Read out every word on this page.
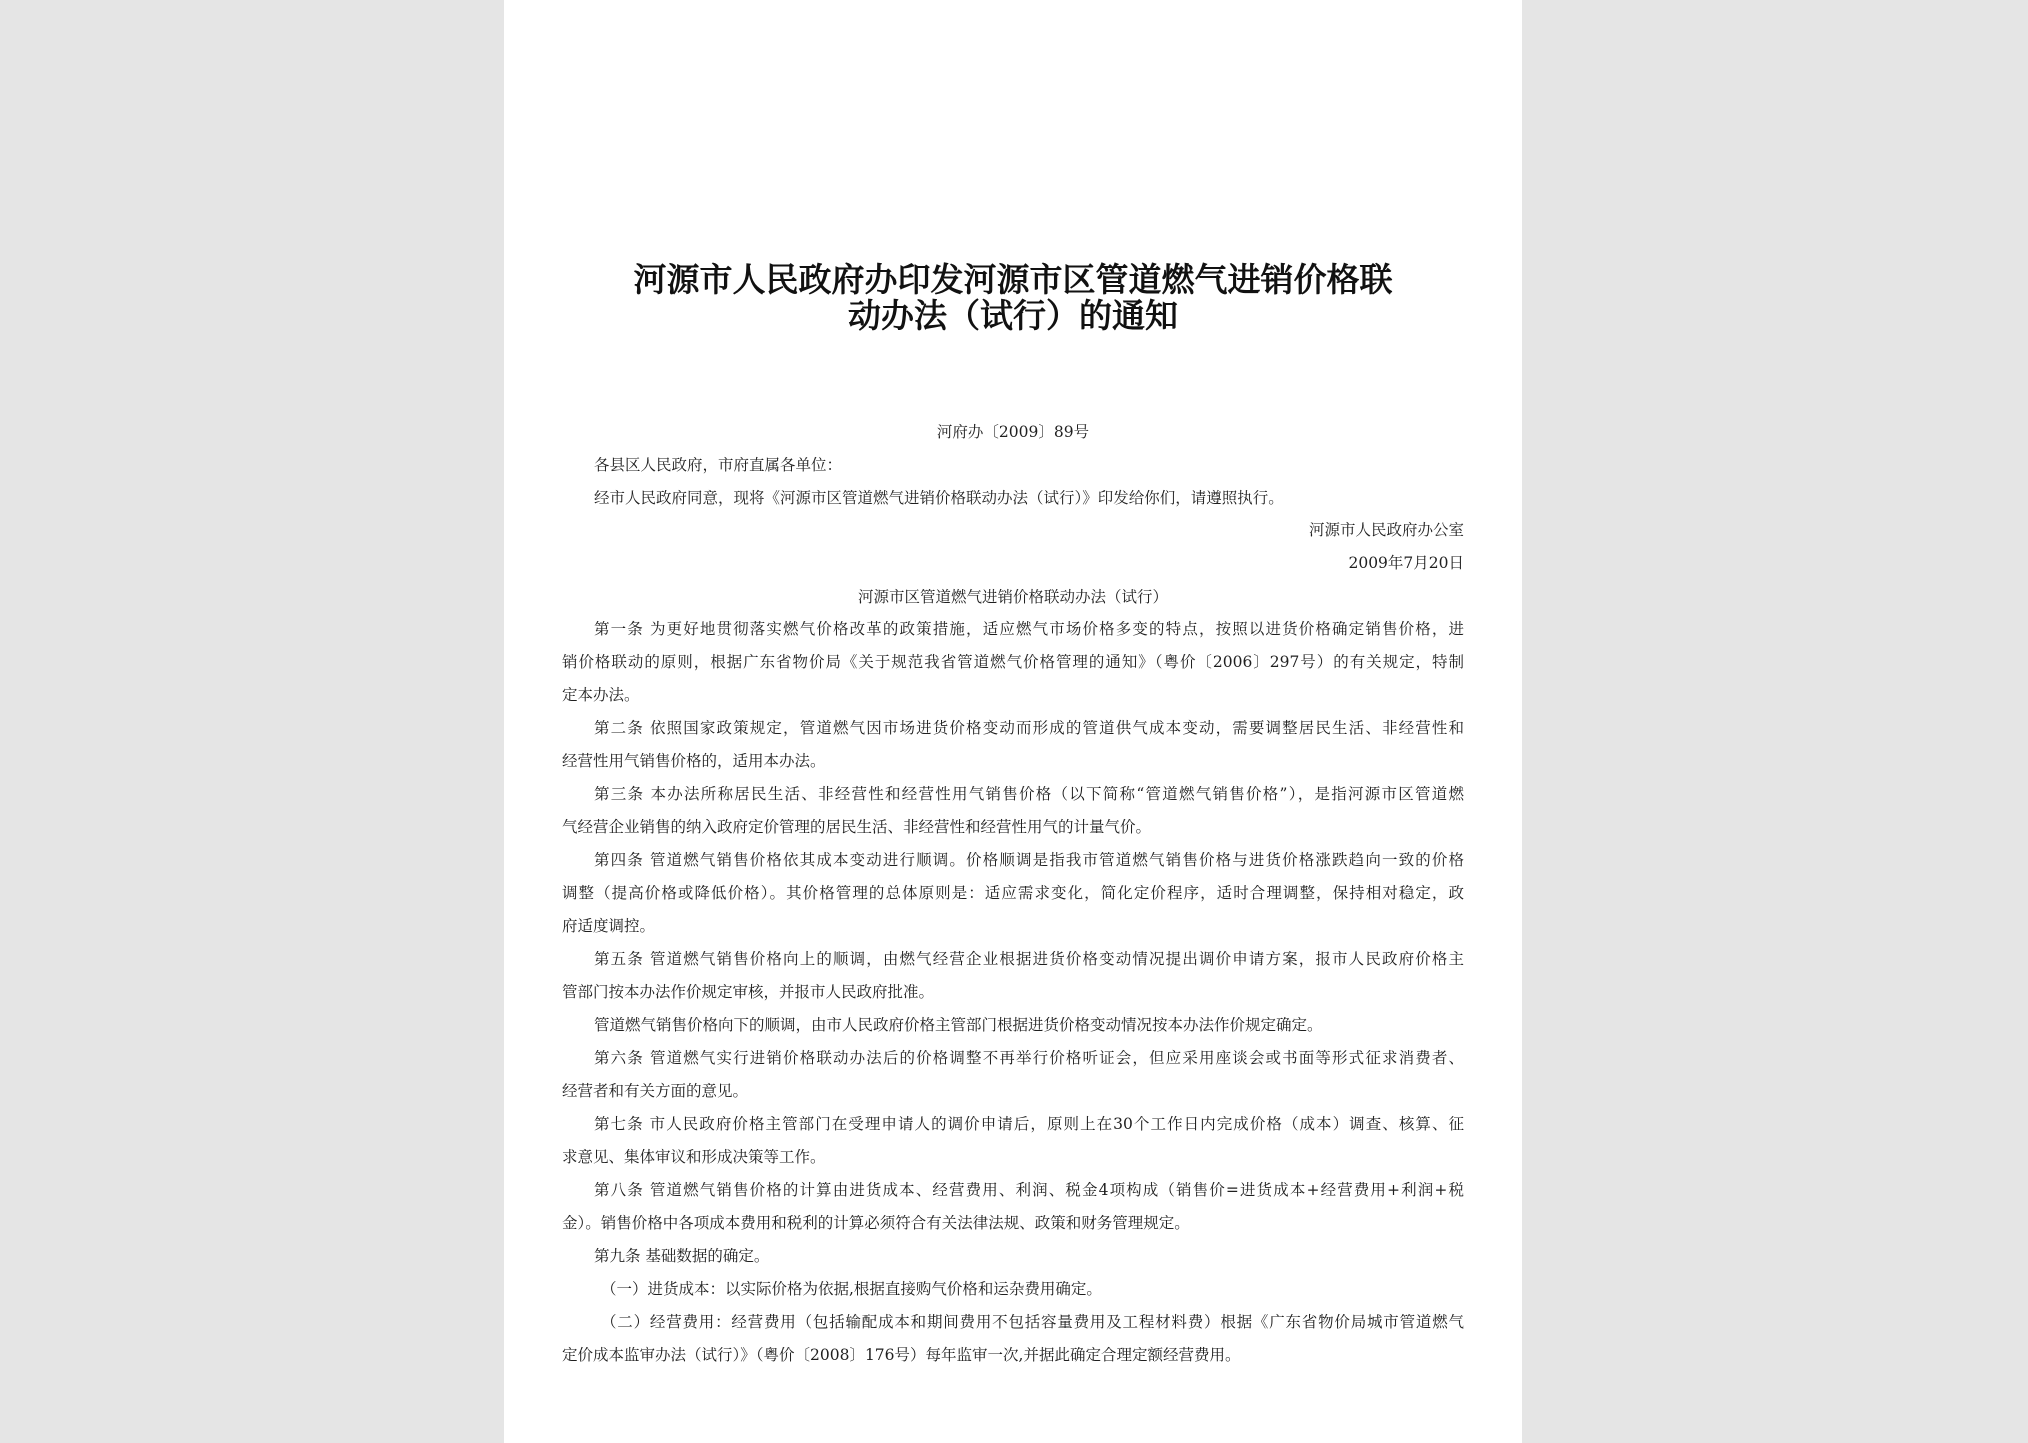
河源市人民政府办印发河源市区管道燃气进销价格联
动办法（试行）的通知
河府办〔2009〕89号
各县区人民政府，市府直属各单位：
经市人民政府同意，现将《河源市区管道燃气进销价格联动办法（试行）》印发给你们，请遵照执行。
河源市人民政府办公室
2009年7月20日
河源市区管道燃气进销价格联动办法（试行）
第一条 为更好地贯彻落实燃气价格改革的政策措施，适应燃气市场价格多变的特点，按照以进货价格确定销售价格，进
销价格联动的原则，根据广东省物价局《关于规范我省管道燃气价格管理的通知》（粤价〔2006〕297号）的有关规定，特制
定本办法。
第二条 依照国家政策规定，管道燃气因市场进货价格变动而形成的管道供气成本变动，需要调整居民生活、非经营性和
经营性用气销售价格的，适用本办法。
第三条 本办法所称居民生活、非经营性和经营性用气销售价格（以下简称“管道燃气销售价格”），是指河源市区管道燃
气经营企业销售的纳入政府定价管理的居民生活、非经营性和经营性用气的计量气价。
第四条 管道燃气销售价格依其成本变动进行顺调。价格顺调是指我市管道燃气销售价格与进货价格涨跌趋向一致的价格
调整（提高价格或降低价格）。其价格管理的总体原则是：适应需求变化，简化定价程序，适时合理调整，保持相对稳定，政
府适度调控。
第五条 管道燃气销售价格向上的顺调，由燃气经营企业根据进货价格变动情况提出调价申请方案，报市人民政府价格主
管部门按本办法作价规定审核，并报市人民政府批准。
管道燃气销售价格向下的顺调，由市人民政府价格主管部门根据进货价格变动情况按本办法作价规定确定。
第六条 管道燃气实行进销价格联动办法后的价格调整不再举行价格听证会，但应采用座谈会或书面等形式征求消费者、
经营者和有关方面的意见。
第七条 市人民政府价格主管部门在受理申请人的调价申请后，原则上在30个工作日内完成价格（成本）调查、核算、征
求意见、集体审议和形成决策等工作。
第八条 管道燃气销售价格的计算由进货成本、经营费用、利润、税金4项构成（销售价=进货成本+经营费用+利润+税
金）。销售价格中各项成本费用和税利的计算必须符合有关法律法规、政策和财务管理规定。
第九条 基础数据的确定。
（一）进货成本：以实际价格为依据,根据直接购气价格和运杂费用确定。
（二）经营费用：经营费用（包括输配成本和期间费用不包括容量费用及工程材料费）根据《广东省物价局城市管道燃气
定价成本监审办法（试行）》（粤价〔2008〕176号）每年监审一次,并据此确定合理定额经营费用。
